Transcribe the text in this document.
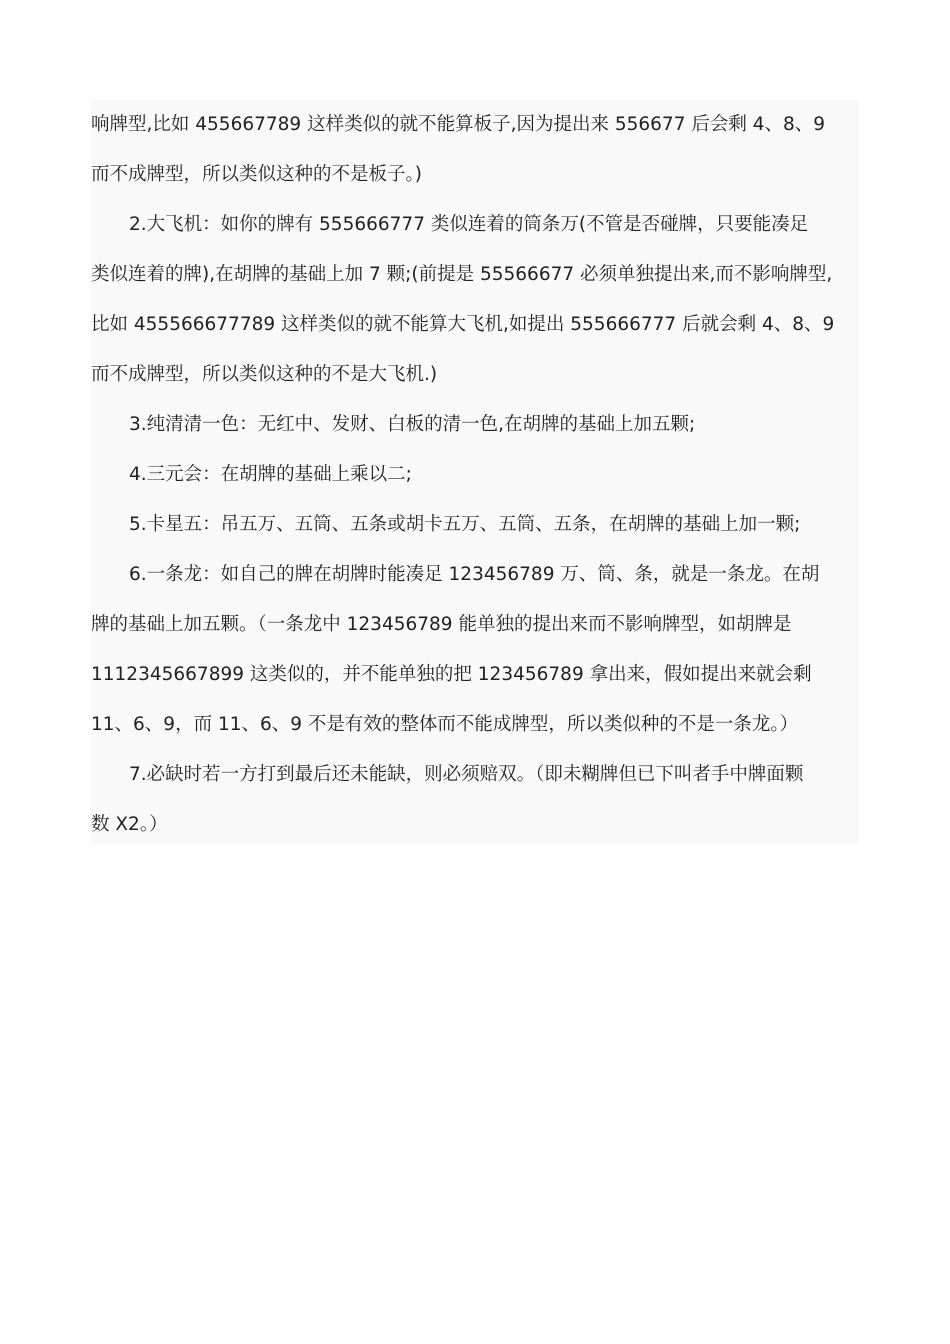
响牌型,比如 455667789 这样类似的就不能算板子,因为提出来 556677 后会剩 4、8、9
而不成牌型，所以类似这种的不是板子。)
2.大飞机：如你的牌有 555666777 类似连着的筒条万(不管是否碰牌，只要能凑足
类似连着的牌),在胡牌的基础上加 7 颗;(前提是 55566677 必须单独提出来,而不影响牌型,
比如 455566677789 这样类似的就不能算大飞机,如提出 555666777 后就会剩 4、8、9
而不成牌型，所以类似这种的不是大飞机.)
3.纯清清一色：无红中、发财、白板的清一色,在胡牌的基础上加五颗;
4.三元会：在胡牌的基础上乘以二;
5.卡星五：吊五万、五筒、五条或胡卡五万、五筒、五条，在胡牌的基础上加一颗;
6.一条龙：如自己的牌在胡牌时能凑足 123456789 万、筒、条，就是一条龙。在胡
牌的基础上加五颗。（一条龙中 123456789 能单独的提出来而不影响牌型，如胡牌是
1112345667899 这类似的，并不能单独的把 123456789 拿出来，假如提出来就会剩
11、6、9，而 11、6、9 不是有效的整体而不能成牌型，所以类似种的不是一条龙。）
7.必缺时若一方打到最后还未能缺，则必须赔双。（即未糊牌但已下叫者手中牌面颗
数 X2。）
